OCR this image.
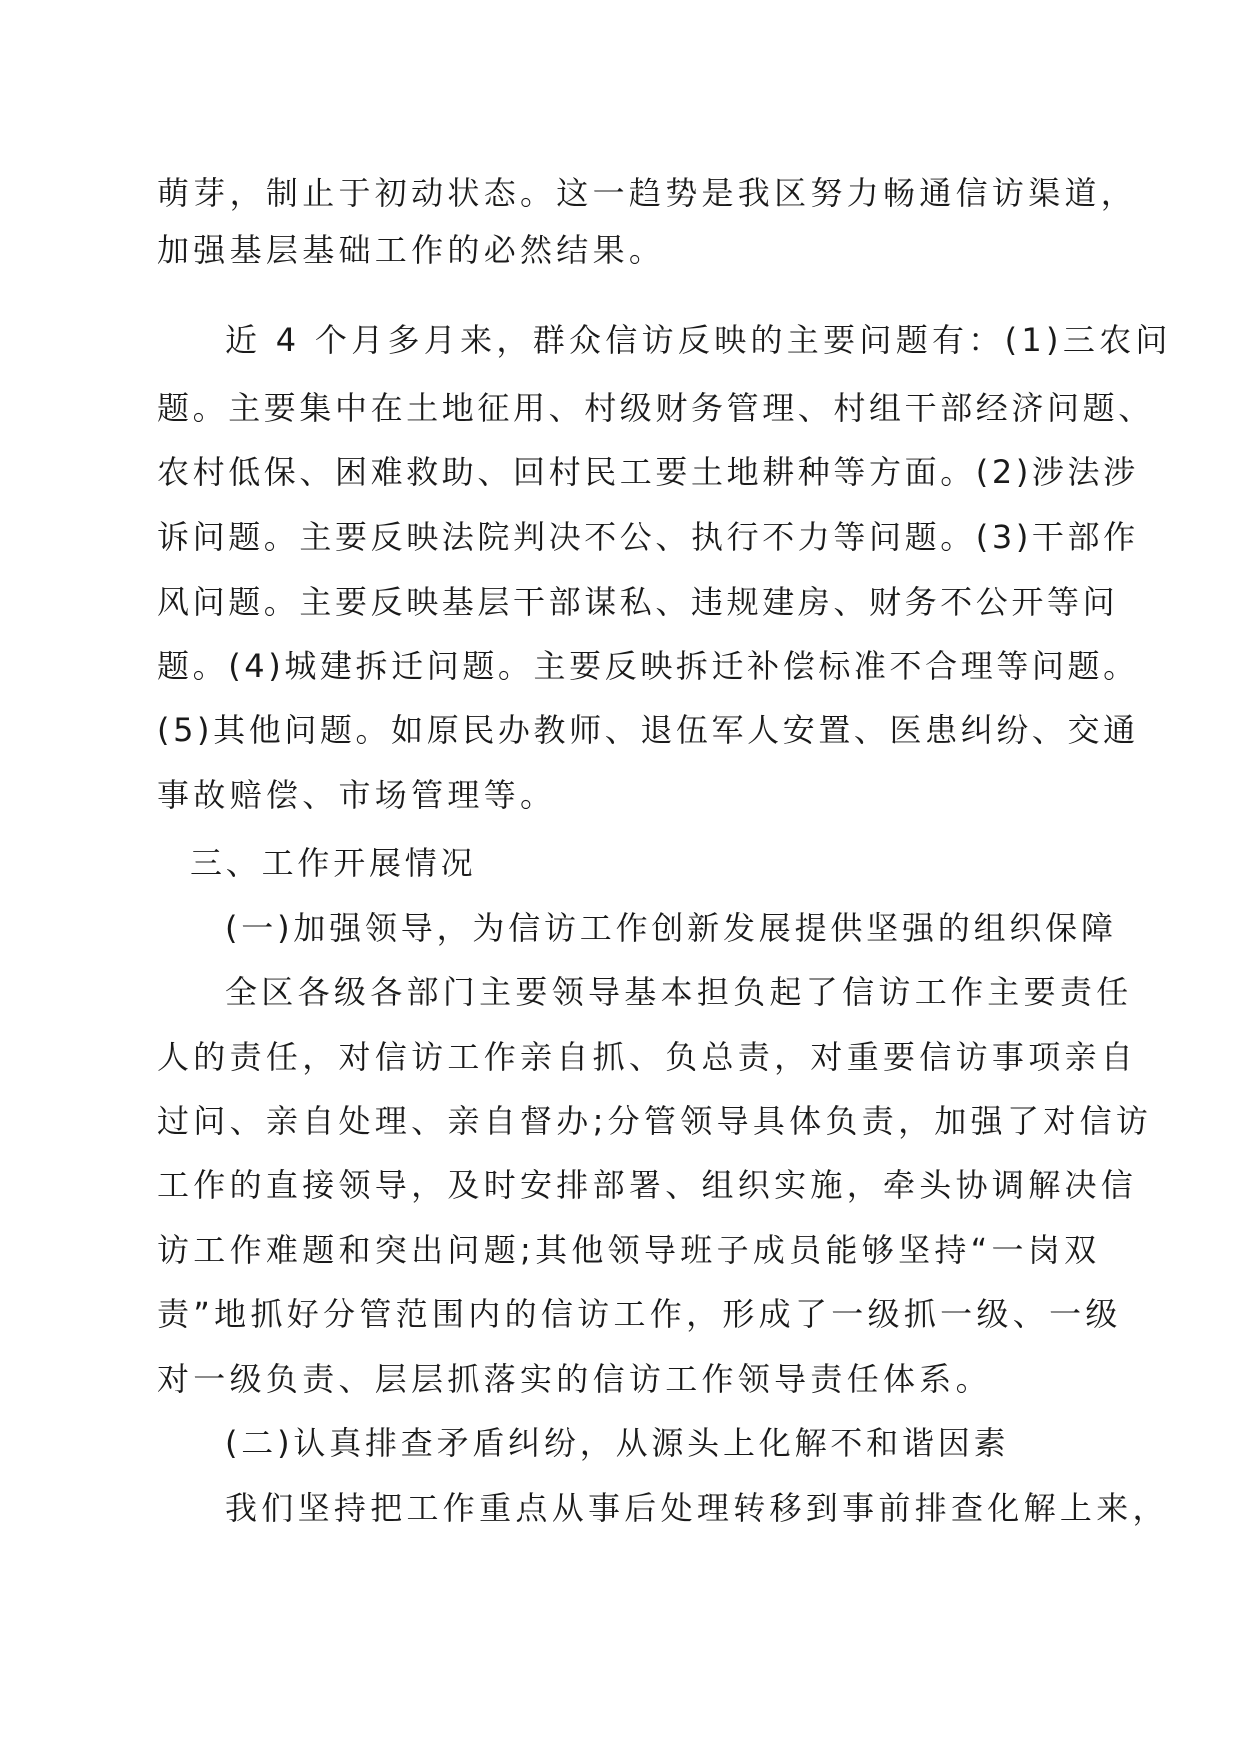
萌芽，制止于初动状态。这一趋势是我区努力畅通信访渠道，
加强基层基础工作的必然结果。
近 4 个月多月来，群众信访反映的主要问题有：(1)三农问
题。主要集中在土地征用、村级财务管理、村组干部经济问题、
农村低保、困难救助、回村民工要土地耕种等方面。(2)涉法涉
诉问题。主要反映法院判决不公、执行不力等问题。(3)干部作
风问题。主要反映基层干部谋私、违规建房、财务不公开等问
题。(4)城建拆迁问题。主要反映拆迁补偿标准不合理等问题。
(5)其他问题。如原民办教师、退伍军人安置、医患纠纷、交通
事故赔偿、市场管理等。
三、工作开展情况
(一)加强领导，为信访工作创新发展提供坚强的组织保障
全区各级各部门主要领导基本担负起了信访工作主要责任
人的责任，对信访工作亲自抓、负总责，对重要信访事项亲自
过问、亲自处理、亲自督办;分管领导具体负责，加强了对信访
工作的直接领导，及时安排部署、组织实施，牵头协调解决信
访工作难题和突出问题;其他领导班子成员能够坚持“一岗双
责”地抓好分管范围内的信访工作，形成了一级抓一级、一级
对一级负责、层层抓落实的信访工作领导责任体系。
(二)认真排查矛盾纠纷，从源头上化解不和谐因素
我们坚持把工作重点从事后处理转移到事前排查化解上来，
